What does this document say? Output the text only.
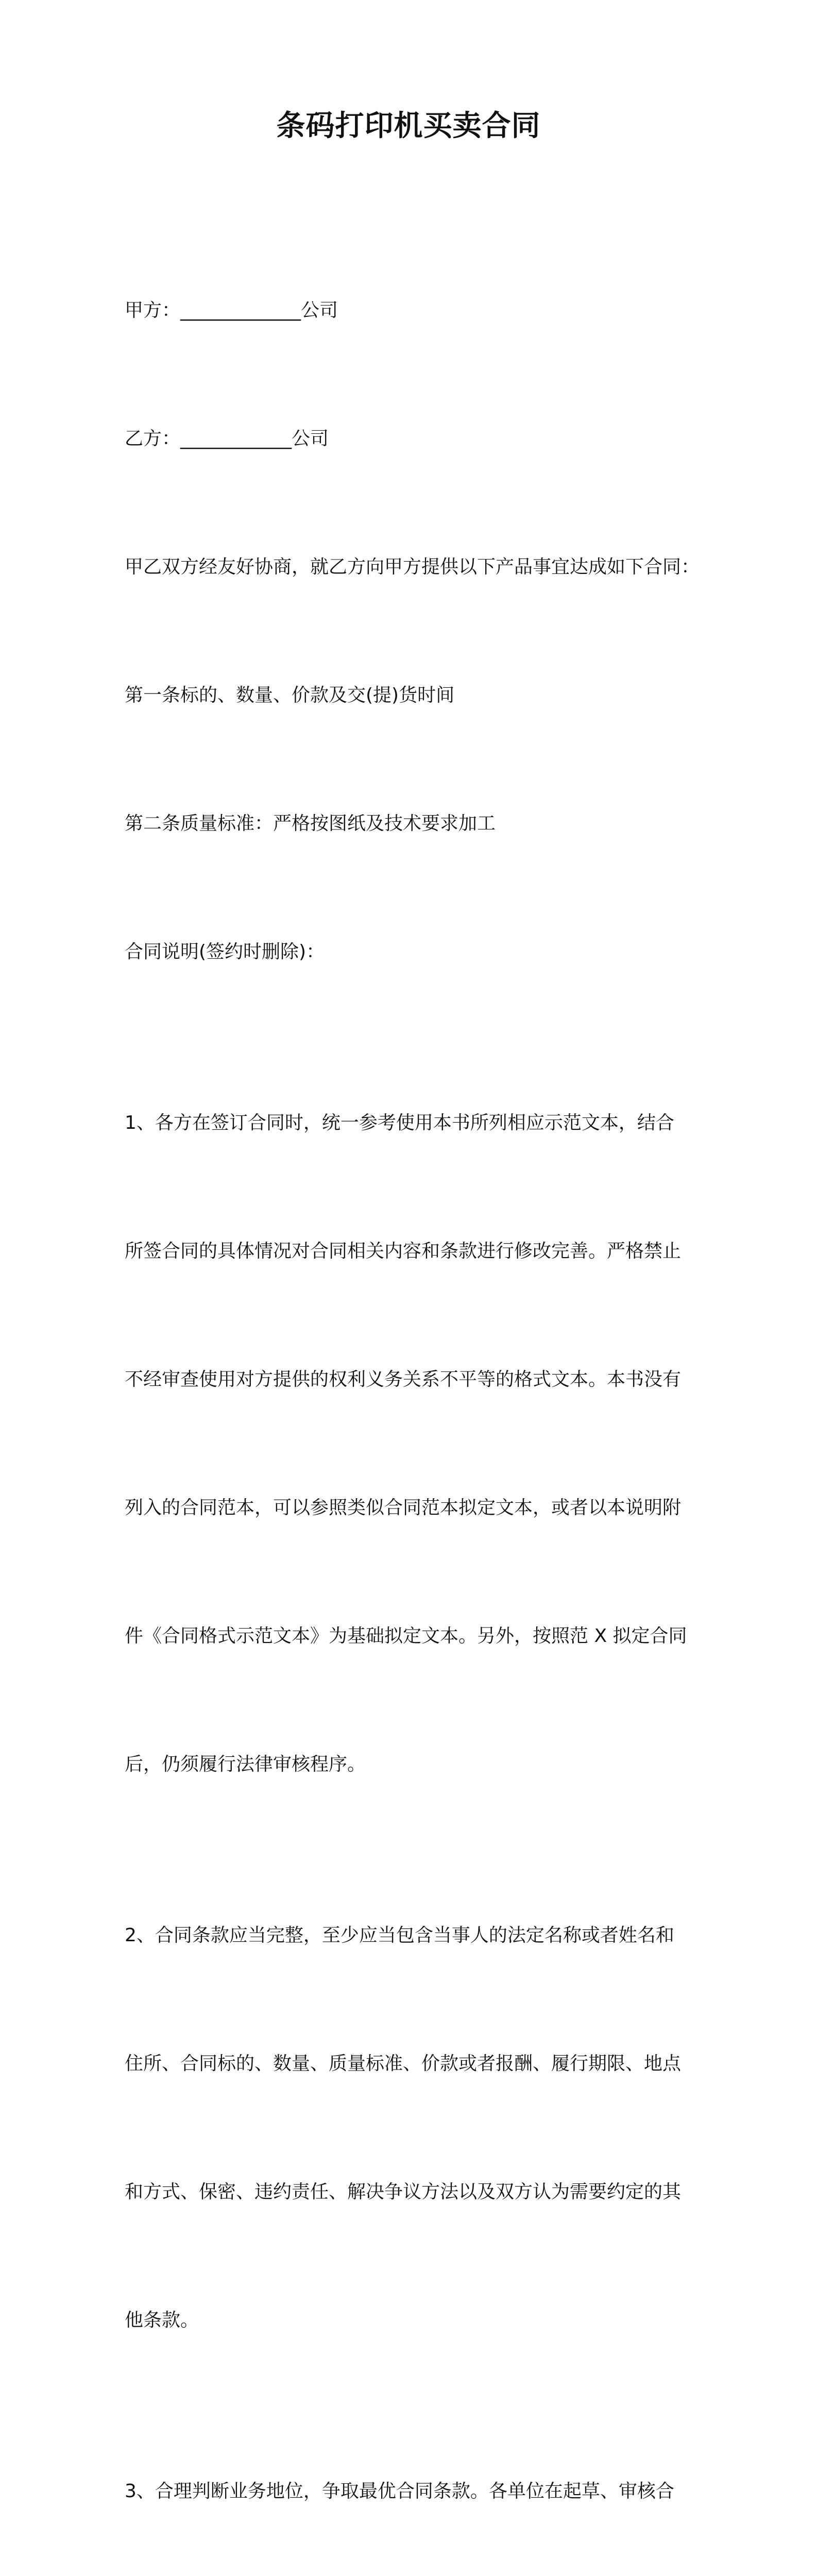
条码打印机买卖合同

甲方：_____________公司

乙方：____________公司

甲乙双方经友好协商，就乙方向甲方提供以下产品事宜达成如下合同：

第一条标的、数量、价款及交(提)货时间

第二条质量标准：严格按图纸及技术要求加工

合同说明(签约时删除)：

1、各方在签订合同时，统一参考使用本书所列相应示范文本，结合

所签合同的具体情况对合同相关内容和条款进行修改完善。严格禁止

不经审查使用对方提供的权利义务关系不平等的格式文本。本书没有

列入的合同范本，可以参照类似合同范本拟定文本，或者以本说明附

件《合同格式示范文本》为基础拟定文本。另外，按照范 X 拟定合同

后，仍须履行法律审核程序。

2、合同条款应当完整，至少应当包含当事人的法定名称或者姓名和

住所、合同标的、数量、质量标准、价款或者报酬、履行期限、地点

和方式、保密、违约责任、解决争议方法以及双方认为需要约定的其

他条款。

3、合理判断业务地位，争取最优合同条款。各单位在起草、审核合
